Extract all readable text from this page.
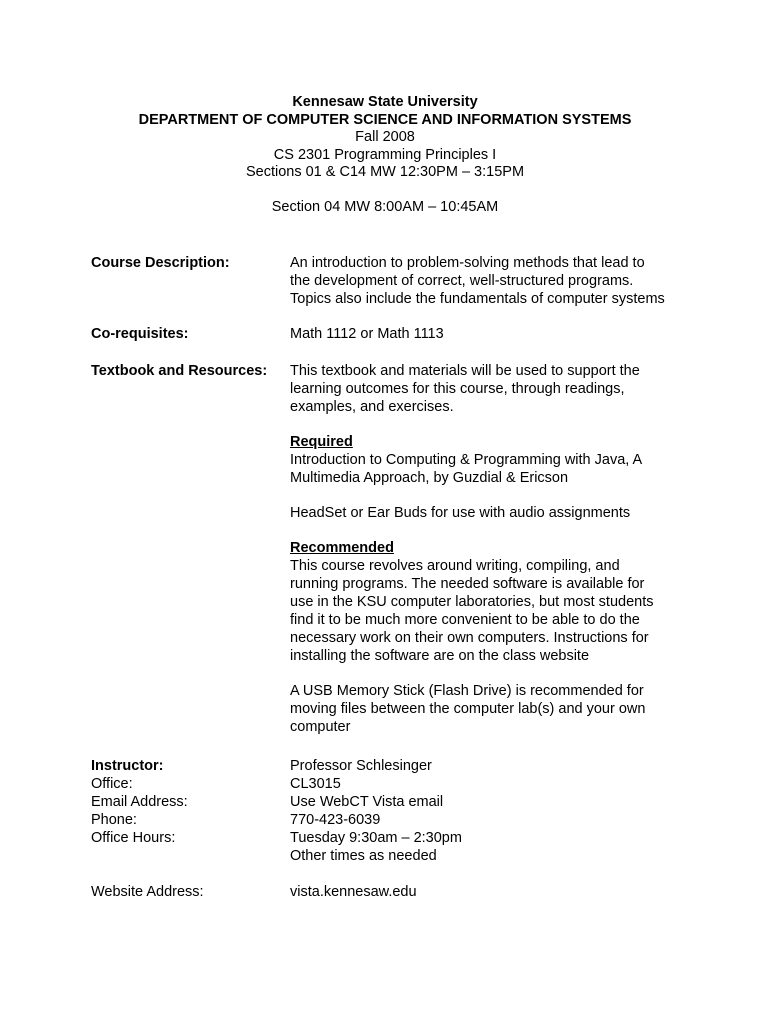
Kennesaw State University
DEPARTMENT OF COMPUTER SCIENCE AND INFORMATION SYSTEMS
Fall 2008
CS 2301 Programming Principles I
Sections 01 & C14 MW 12:30PM – 3:15PM
Section 04 MW 8:00AM – 10:45AM
Course Description:	An introduction to problem-solving methods that lead to
the development of correct, well-structured programs.
Topics also include the fundamentals of computer systems
Co-requisites:	Math 1112 or Math 1113
Textbook and Resources: This textbook and materials will be used to support the
learning outcomes for this course, through readings,
examples, and exercises.
Required
Introduction to Computing & Programming with Java, A
Multimedia Approach, by Guzdial & Ericson
HeadSet or Ear Buds for use with audio assignments
Recommended
This course revolves around writing, compiling, and
running programs. The needed software is available for
use in the KSU computer laboratories, but most students
find it to be much more convenient to be able to do the
necessary work on their own computers. Instructions for
installing the software are on the class website
A USB Memory Stick (Flash Drive) is recommended for
moving files between the computer lab(s) and your own
computer
Instructor:	Professor Schlesinger
Office:	CL3015
Email Address:	Use WebCT Vista email
Phone:	770-423-6039
Office Hours:	Tuesday 9:30am – 2:30pm
Other times as needed
Website Address:	vista.kennesaw.edu
